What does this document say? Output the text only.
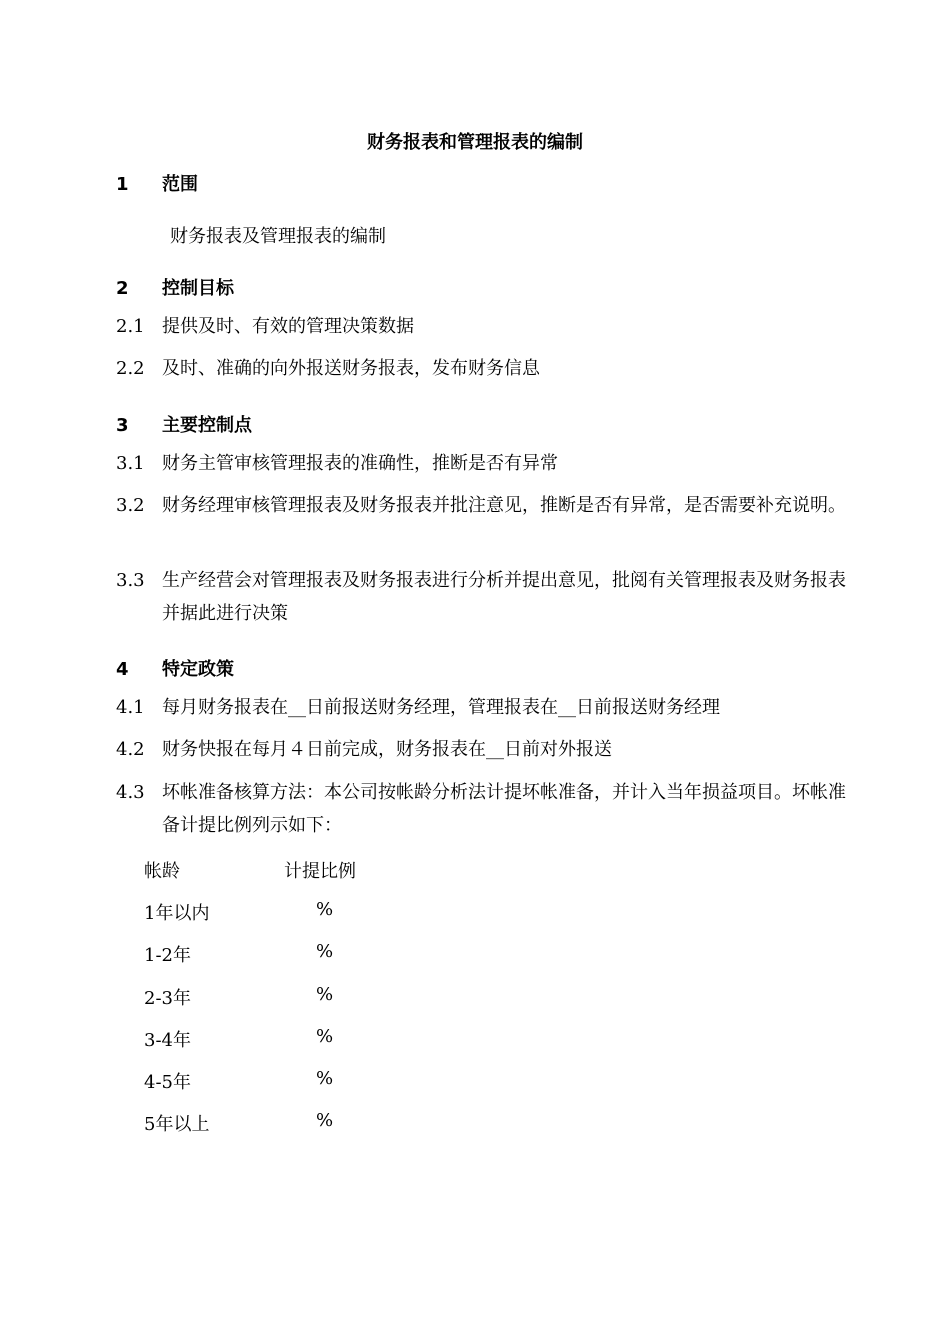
财务报表和管理报表的编制
1 范围
财务报表及管理报表的编制
2 控制目标
2.1 提供及时、有效的管理决策数据
2.2 及时、准确的向外报送财务报表，发布财务信息
3 主要控制点
3.1 财务主管审核管理报表的准确性，推断是否有异常
3.2 财务经理审核管理报表及财务报表并批注意见，推断是否有异常，是否需要补充说明。
3.3 生产经营会对管理报表及财务报表进行分析并提出意见，批阅有关管理报表及财务报表并据此进行决策
4 特定政策
4.1 每月财务报表在__日前报送财务经理，管理报表在__日前报送财务经理
4.2 财务快报在每月４日前完成，财务报表在__日前对外报送
4.3 坏帐准备核算方法：本公司按帐龄分析法计提坏帐准备，并计入当年损益项目。坏帐准备计提比例列示如下：
帐龄	计提比例
1年以内	%
1-2年	%
2-3年	%
3-4年	%
4-5年	%
5年以上	%
